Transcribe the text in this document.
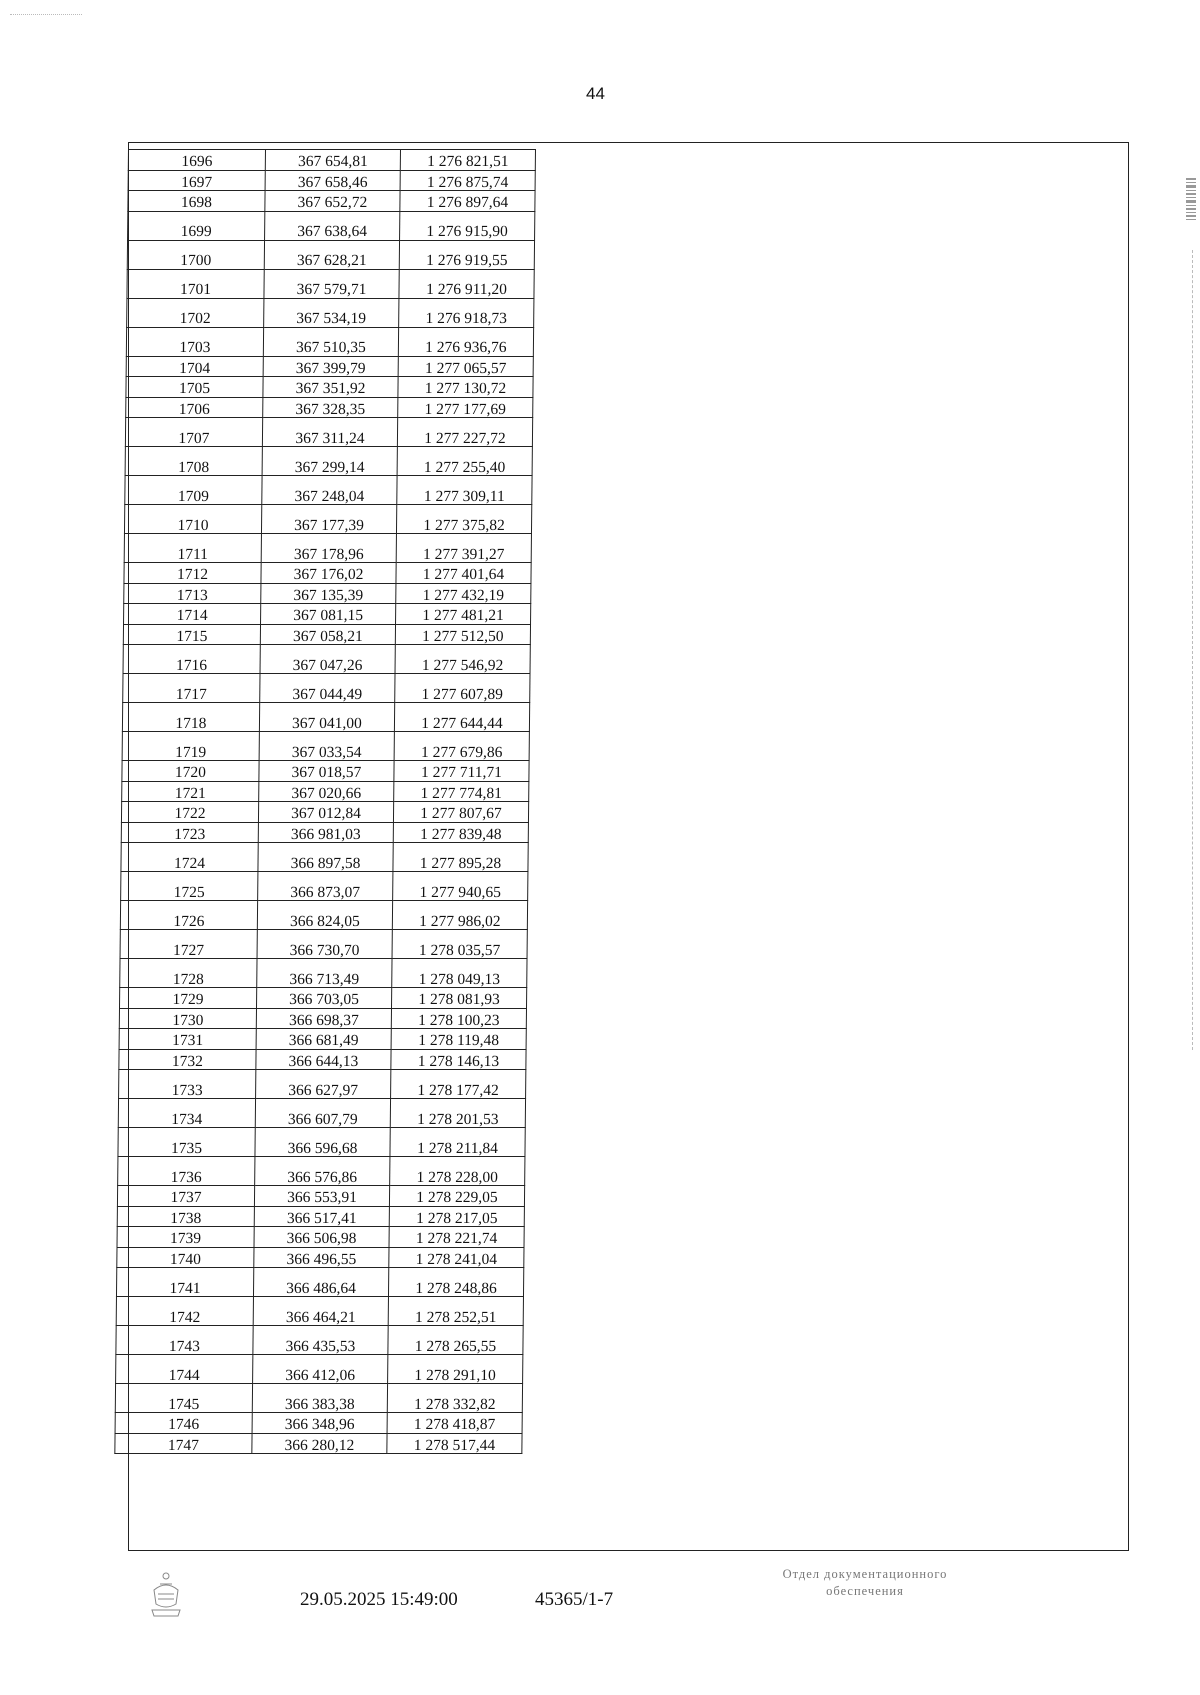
44
1696	367 654,81	1 276 821,51
1697	367 658,46	1 276 875,74
1698	367 652,72	1 276 897,64
1699	367 638,64	1 276 915,90
1700	367 628,21	1 276 919,55
1701	367 579,71	1 276 911,20
1702	367 534,19	1 276 918,73
1703	367 510,35	1 276 936,76
1704	367 399,79	1 277 065,57
1705	367 351,92	1 277 130,72
1706	367 328,35	1 277 177,69
1707	367 311,24	1 277 227,72
1708	367 299,14	1 277 255,40
1709	367 248,04	1 277 309,11
1710	367 177,39	1 277 375,82
1711	367 178,96	1 277 391,27
1712	367 176,02	1 277 401,64
1713	367 135,39	1 277 432,19
1714	367 081,15	1 277 481,21
1715	367 058,21	1 277 512,50
1716	367 047,26	1 277 546,92
1717	367 044,49	1 277 607,89
1718	367 041,00	1 277 644,44
1719	367 033,54	1 277 679,86
1720	367 018,57	1 277 711,71
1721	367 020,66	1 277 774,81
1722	367 012,84	1 277 807,67
1723	366 981,03	1 277 839,48
1724	366 897,58	1 277 895,28
1725	366 873,07	1 277 940,65
1726	366 824,05	1 277 986,02
1727	366 730,70	1 278 035,57
1728	366 713,49	1 278 049,13
1729	366 703,05	1 278 081,93
1730	366 698,37	1 278 100,23
1731	366 681,49	1 278 119,48
1732	366 644,13	1 278 146,13
1733	366 627,97	1 278 177,42
1734	366 607,79	1 278 201,53
1735	366 596,68	1 278 211,84
1736	366 576,86	1 278 228,00
1737	366 553,91	1 278 229,05
1738	366 517,41	1 278 217,05
1739	366 506,98	1 278 221,74
1740	366 496,55	1 278 241,04
1741	366 486,64	1 278 248,86
1742	366 464,21	1 278 252,51
1743	366 435,53	1 278 265,55
1744	366 412,06	1 278 291,10
1745	366 383,38	1 278 332,82
1746	366 348,96	1 278 418,87
1747	366 280,12	1 278 517,44
29.05.2025 15:49:00	45365/1-7
Отдел документационного
обеспечения
